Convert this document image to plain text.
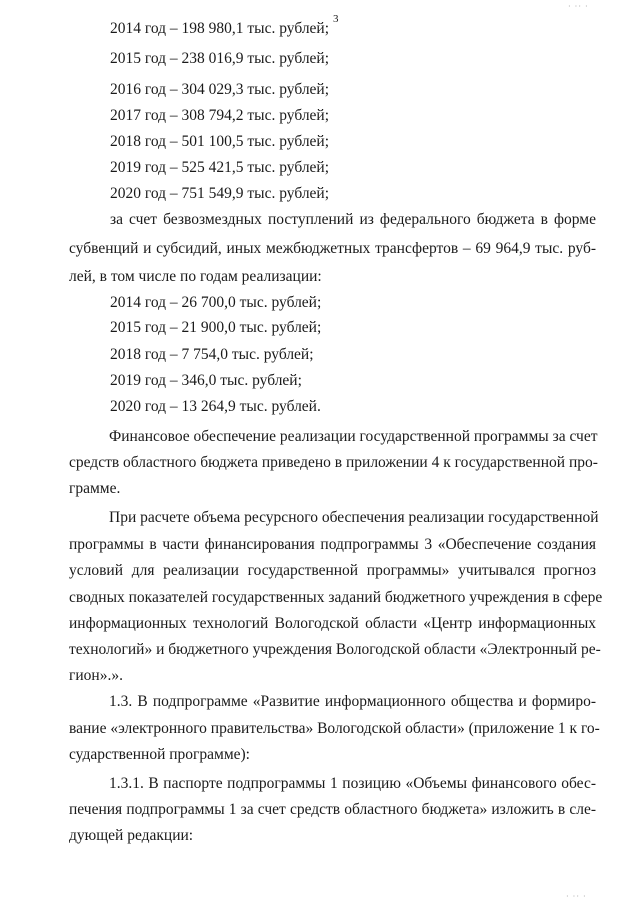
3
2014 год – 198 980,1 тыс. рублей;
2015 год – 238 016,9 тыс. рублей;
2016 год – 304 029,3 тыс. рублей;
2017 год – 308 794,2 тыс. рублей;
2018 год – 501 100,5 тыс. рублей;
2019 год – 525 421,5 тыс. рублей;
2020 год – 751 549,9 тыс. рублей;
за счет безвозмездных поступлений из федерального бюджета в форме
субвенций и субсидий, иных межбюджетных трансфертов – 69 964,9 тыс. руб-
лей, в том числе по годам реализации:
2014 год – 26 700,0 тыс. рублей;
2015 год – 21 900,0 тыс. рублей;
2018 год – 7 754,0 тыс. рублей;
2019 год – 346,0 тыс. рублей;
2020 год – 13 264,9 тыс. рублей.
Финансовое обеспечение реализации государственной программы за счет
средств областного бюджета приведено в приложении 4 к государственной про-
грамме.
При расчете объема ресурсного обеспечения реализации государственной
программы в части финансирования подпрограммы 3 «Обеспечение создания
условий для реализации государственной программы» учитывался прогноз
сводных показателей государственных заданий бюджетного учреждения в сфере
информационных технологий Вологодской области «Центр информационных
технологий» и бюджетного учреждения Вологодской области «Электронный ре-
гион».».
1.3. В подпрограмме «Развитие информационного общества и формиро-
вание «электронного правительства» Вологодской области» (приложение 1 к го-
сударственной программе):
1.3.1. В паспорте подпрограммы 1 позицию «Объемы финансового обес-
печения подпрограммы 1 за счет средств областного бюджета» изложить в сле-
дующей редакции:
· ·· ·
· ·· ·
